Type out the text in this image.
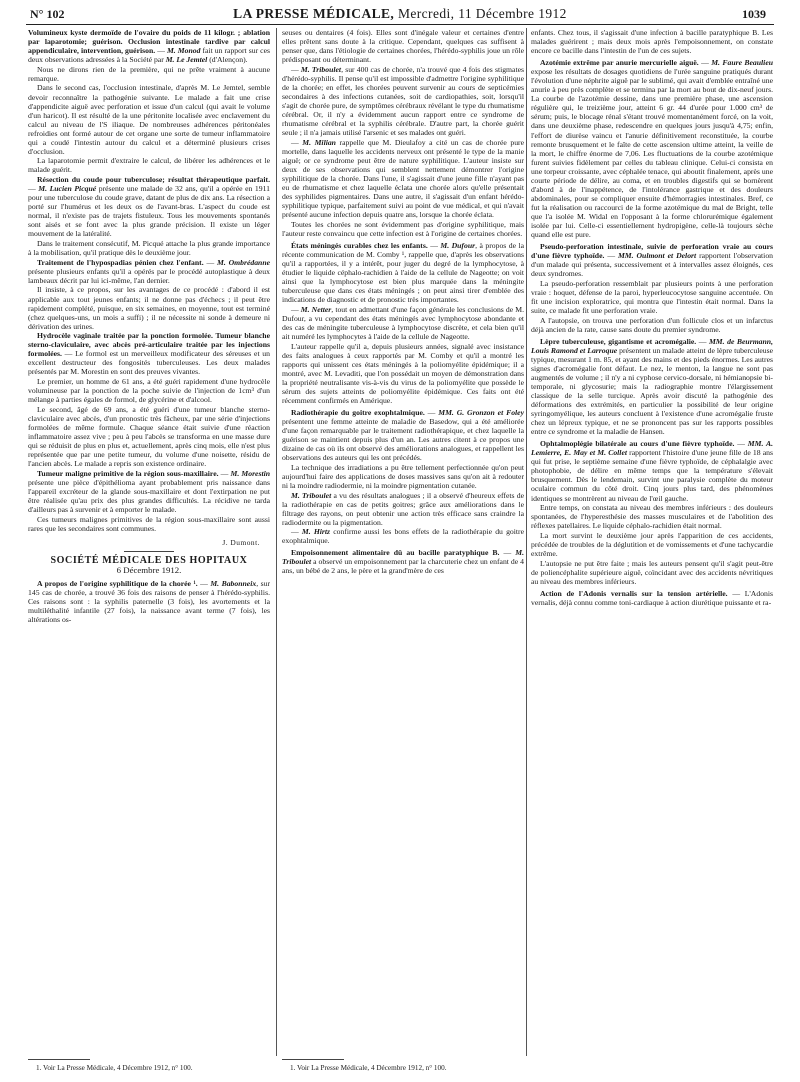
N° 102	LA PRESSE MÉDICALE, Mercredi, 11 Décembre 1912	1039

Volumineux kyste dermoïde de l'ovaire du poids de 11 kilogr. ; ablation par laparotomie; guérison. Occlusion intestinale tardive par calcul appendiculaire, intervention, guérison. — M. Monod fait un rapport sur ces deux observations adressées à la Société par M. Le Jemtel (d'Alençon).

Nous ne dirons rien de la première, qui ne prête vraiment à aucune remarque.

Dans le second cas, l'occlusion intestinale, d'après M. Le Jemtel, semble devoir reconnaître la pathogénie suivante. Le malade a fait une crise d'appendicite aiguë avec perforation et issue d'un calcul (qui avait le volume d'un haricot). Il est résulté de la une péritonite localisée avec enclavement du calcul au niveau de l'S iliaque. De nombreuses adhérences péritonéales refroidies ont formé autour de cet organe une sorte de tumeur inflammatoire qui a coudé l'intestin autour du calcul et a déterminé plusieurs crises d'occlusion.

La laparotomie permit d'extraire le calcul, de libérer les adhérences et le malade guérit.

Résection du coude pour tuberculose; résultat thérapeutique parfait. — M. Lucien Picqué présente une malade de 32 ans, qu'il a opérée en 1911 pour une tuberculose du coude grave, datant de plus de dix ans. La résection a porté sur l'humérus et les deux os de l'avant-bras. L'aspect du coude est normal, il n'existe pas de trajets fistuleux. Tous les mouvements spontanés sont aisés et se font avec la plus grande précision. Il existe un léger mouvement de la latéralité.

Dans le traitement consécutif, M. Picqué attache la plus grande importance à la mobilisation, qu'il pratique dès le deuxième jour.

Traitement de l'hypospadias pénien chez l'enfant. — M. Ombrédanne présente plusieurs enfants qu'il a opérés par le procédé autoplastique à deux lambeaux décrit par lui ici-même, l'an dernier.

Il insiste, à ce propos, sur les avantages de ce procédé : d'abord il est applicable aux tout jeunes enfants; il ne donne pas d'échecs ; il peut être rapidement complété, puisque, en six semaines, en moyenne, tout est terminé (chez quelques-uns, un mois a suffi) ; il ne nécessite ni sonde à demeure ni dérivation des urines.

Hydrocèle vaginale traitée par la ponction formolée. Tumeur blanche sterno-claviculaire, avec abcès pré-articulaire traitée par les injections formolées. — Le formol est un merveilleux modificateur des séreuses et un excellent destructeur des fongosités tuberculeuses. Les deux malades présentés par M. Morestin en sont des preuves vivantes.

Le premier, un homme de 61 ans, a été guéri rapidement d'une hydrocèle volumineuse par la ponction de la poche suivie de l'injection de 1cm³ d'un mélange à parties égales de formol, de glycérine et d'alcool.

Le second, âgé de 69 ans, a été guéri d'une tumeur blanche sterno-claviculaire avec abcès, d'un pronostic très fâcheux, par une série d'injections formolées de même formule. Chaque séance était suivie d'une réaction inflammatoire assez vive ; peu à peu l'abcès se transforma en une masse dure qui se réduisit de plus en plus et, actuellement, après cinq mois, elle n'est plus représentée que par une petite tumeur, du volume d'une noisette, résidu de l'ancien abcès. Le malade a repris son existence ordinaire.

Tumeur maligne primitive de la région sous-maxillaire. — M. Morestin présente une pièce d'épithélioma ayant probablement pris naissance dans l'appareil excréteur de la glande sous-maxillaire et dont l'extirpation ne put être réalisée qu'au prix des plus grandes difficultés. La récidive ne tarda d'ailleurs pas à survenir et à emporter le malade.

Ces tumeurs malignes primitives de la région sous-maxillaire sont aussi rares que les secondaires sont communes.

J. Dumont.

SOCIÉTÉ MÉDICALE DES HOPITAUX
6 Décembre 1912.

A propos de l'origine syphilitique de la chorée ¹. — M. Babonneix, sur 145 cas de chorée, a trouvé 36 fois des raisons de penser à l'hérédo-syphilis. Ces raisons sont : la syphilis paternelle (3 fois), les avortements et la multiléthalité infantile (27 fois), la naissance avant terme (7 fois), les altérations os-

1. Voir La Presse Médicale, 4 Décembre 1912, n° 100.

seuses ou dentaires (4 fois). Elles sont d'inégale valeur et certaines d'entre elles prêtent sans doute à la critique. Cependant, quelques cas suffisent à penser que, dans l'étiologie de certaines chorées, l'hérédo-syphilis joue un rôle prédisposant ou déterminant.

— M. Triboulet, sur 400 cas de chorée, n'a trouvé que 4 fois des stigmates d'hérédo-syphilis. Il pense qu'il est impossible d'admettre l'origine syphilitique de la chorée; en effet, les chorées peuvent survenir au cours de septicémies secondaires à des infections cutanées, soit de cardiopathies, soit, lorsqu'il s'agit de chorée pure, de symptômes cérébraux révélant le type du rhumatisme cérébral. Or, il n'y a évidemment aucun rapport entre ce syndrome de rhumatisme cérébral et la syphilis cérébrale. D'autre part, la chorée guérit seule ; il n'a jamais utilisé l'arsenic et ses malades ont guéri.

— M. Milian rappelle que M. Dieulafoy a cité un cas de chorée pure mortelle, dans laquelle les accidents nerveux ont présenté le type de la manie aiguë; or ce syndrome peut être de nature syphilitique. L'auteur insiste sur deux de ses observations qui semblent nettement démontrer l'origine syphilitique de la chorée. Dans l'une, il s'agissait d'une jeune fille n'ayant pas eu de rhumatisme et chez laquelle éclata une chorée alors qu'elle présentait des syphilides pigmentaires. Dans une autre, il s'agissait d'un enfant hérédo-syphilitique typique, parfaitement suivi au point de vue médical, et qui n'avait présenté aucune infection depuis quatre ans, lorsque la chorée éclata.

Toutes les chorées ne sont évidemment pas d'origine syphilitique, mais l'auteur reste convaincu que cette infection est à l'origine de certaines chorées.

États méningés curables chez les enfants. — M. Dufour, à propos de la récente communication de M. Comby ¹, rappelle que, d'après les observations qu'il a rapportées, il y a intérêt, pour juger du degré de la lymphocytose, à étudier le liquide céphalo-rachidien à l'aide de la cellule de Nageotte; on voit ainsi que la lymphocytose est bien plus marquée dans la méningite tuberculeuse que dans ces états méningés ; on peut ainsi tirer d'emblée des indications de diagnostic et de pronostic très importantes.

— M. Netter, tout en admettant d'une façon générale les conclusions de M. Dufour, a vu cependant des états méningés avec lymphocytose abondante et des cas de méningite tuberculeuse à lymphocytose discrète, et cela bien qu'il ait numéré les lymphocytes à l'aide de la cellule de Nageotte.

L'auteur rappelle qu'il a, depuis plusieurs années, signalé avec insistance des faits analogues à ceux rapportés par M. Comby et qu'il a montré les rapports qui unissent ces états méningés à la poliomyélite épidémique; il a montré, avec M. Levaditi, que l'on possédait un moyen de démonstration dans la propriété neutralisante vis-à-vis du virus de la poliomyélite que possède le sérum des sujets atteints de poliomyélite épidémique. Ces faits ont été récemment confirmés en Amérique.

Radiothérapie du goitre exophtalmique. — MM. G. Gronzon et Foley présentent une femme atteinte de maladie de Basedow, qui a été améliorée d'une façon remarquable par le traitement radiothérapique, et chez laquelle la guérison se maintient depuis plus d'un an. Les autres citent à ce propos une dizaine de cas où ils ont observé des améliorations analogues, et rappellent les observations des auteurs qui les ont précédés.

La technique des irradiations a pu être tellement perfectionnée qu'on peut aujourd'hui faire des applications de doses massives sans qu'on ait à redouter ni la moindre radiodermie, ni la moindre pigmentation cutanée.

M. Triboulet a vu des résultats analogues ; il a observé d'heureux effets de la radiothérapie en cas de petits goitres; grâce aux améliorations dans le filtrage des rayons, on peut obtenir une action très efficace sans craindre la radiodermite ou la pigmentation.

— M. Hirtz confirme aussi les bons effets de la radiothérapie du goitre exophtalmique.

Empoisonnement alimentaire dû au bacille paratyphique B. — M. Triboulet a observé un empoisonnement par la charcuterie chez un enfant de 4 ans, un bébé de 2 ans, le père et la grand'mère de ces

1. Voir La Presse Médicale, 4 Décembre 1912, n° 100.

enfants. Chez tous, il s'agissait d'une infection à bacille paratyphique B. Les malades guérirent ; mais deux mois après l'empoisonnement, on constate encore ce bacille dans l'intestin de l'un de ces sujets.

Azotémie extrême par anurie mercurielle aiguë. — M. Faure Beaulieu expose les résultats de dosages quotidiens de l'urée sanguine pratiqués durant l'évolution d'une néphrite aiguë par le sublimé, qui avait d'emblée entraîné une anurie à peu près complète et se termina par la mort au bout de dix-neuf jours. La courbe de l'azotémie dessine, dans une première phase, une ascension régulière qui, le treizième jour, atteint 6 gr. 44 d'urée pour 1.000 cm³ de sérum; puis, le blocage rénal s'étant trouvé momentanément forcé, on la voit, dans une deuxième phase, redescendre en quelques jours jusqu'à 4,75; enfin, l'effort de diurèse vaincu et l'anurie définitivement reconstituée, la courbe remonte brusquement et le faîte de cette ascension ultime atteint, la veille de la mort, le chiffre énorme de 7,06. Les fluctuations de la courbe azotémique furent suivies fidèlement par celles du tableau clinique. Celui-ci consista en une torpeur croissante, avec céphalée tenace, qui aboutit finalement, après une courte période de délire, au coma, et en troubles digestifs qui se bornèrent d'abord à de l'inappétence, de l'intolérance gastrique et des douleurs abdominales, pour se compliquer ensuite d'hémorragies intestinales. Bref, ce fut la réalisation ou raccourci de la forme azotémique du mal de Bright, telle que l'a isolée M. Widal en l'opposant à la forme chlorurémique également isolée par lui. Celle-ci essentiellement hydropigène, celle-là toujours sèche quand elle est pure.

Pseudo-perforation intestinale, suivie de perforation vraie au cours d'une fièvre typhoïde. — MM. Oulmont et Delort rapportent l'observation d'un malade qui présenta, successivement et à intervalles assez éloignés, ces deux syndromes.

La pseudo-perforation ressemblait par plusieurs points à une perforation vraie : hoquet, défense de la paroi, hyperleucocytose sanguine accentuée. On fit une incision exploratrice, qui montra que l'intestin était normal. Dans la suite, ce malade fit une perforation vraie.

A l'autopsie, on trouva une perforation d'un follicule clos et un infarctus déjà ancien de la rate, cause sans doute du premier syndrome.

Lèpre tuberculeuse, gigantisme et acromégalie. — MM. de Beurmann, Louis Ramond et Larroque présentent un malade atteint de lèpre tuberculeuse typique, mesurant 1 m. 85, et ayant des mains et des pieds énormes. Les autres signes d'acromégalie font défaut. Le nez, le menton, la langue ne sont pas augmentés de volume ; il n'y a ni cyphose cervico-dorsale, ni hémianopsie bi-temporale, ni glycosurie; mais la radiographie montre l'élargissement classique de la selle turcique. Après avoir discuté la pathogénie des déformations des extrémités, en particulier la possibilité de leur origine syringomyélique, les auteurs concluent à l'existence d'une acromégalie fruste chez un lépreux typique, et ne se prononcent pas sur les rapports possibles entre ce syndrome et la maladie de Hansen.

Ophtalmoplégie bilatérale au cours d'une fièvre typhoïde. — MM. A. Lemierre, E. May et M. Collet rapportent l'histoire d'une jeune fille de 18 ans qui fut prise, le septième semaine d'une fièvre typhoïde, de céphalalgie avec photophobie, de délire en même temps que la température s'élevait brusquement. Dès le lendemain, survint une paralysie complète du moteur oculaire commun du côté droit. Cinq jours plus tard, des phénomènes identiques se montrèrent au niveau de l'œil gauche.

Entre temps, on constata au niveau des membres inférieurs : des douleurs spontanées, de l'hyperesthésie des masses musculaires et de l'abolition des réflexes patellaires. Le liquide céphalo-rachidien était normal.

La mort survint le deuxième jour après l'apparition de ces accidents, précédée de troubles de la déglutition et de vomissements et d'une tachycardie extrême.

L'autopsie ne put être faite ; mais les auteurs pensent qu'il s'agit peut-être de poliencéphalite supérieure aiguë, coïncidant avec des accidents névritiques au niveau des membres inférieurs.

Action de l'Adonis vernalis sur la tension artérielle. — L'Adonis vernalis, déjà connu comme toni-cardiaque à action diurétique puissante et ra-
